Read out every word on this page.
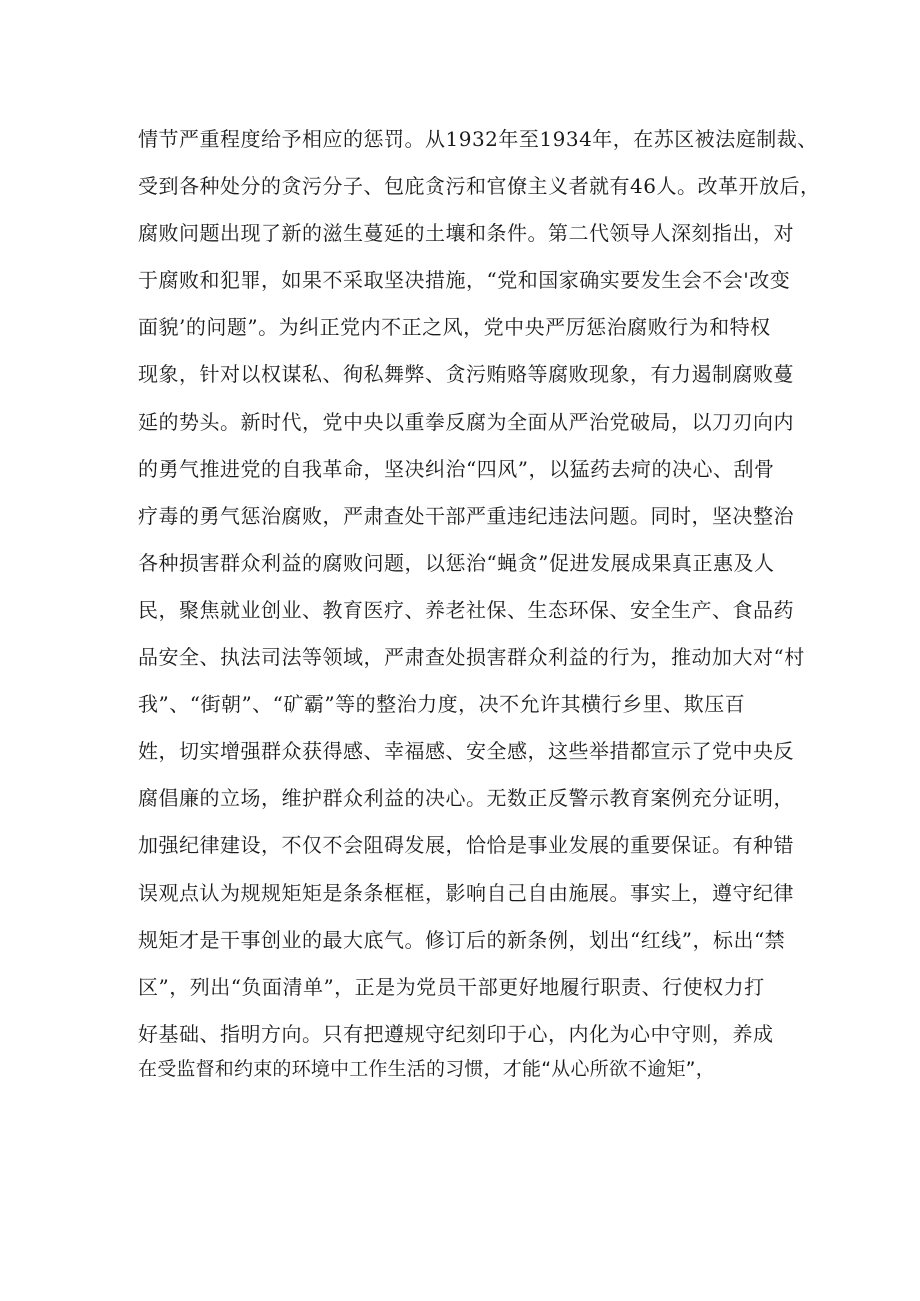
情节严重程度给予相应的惩罚。从1932年至1934年，在苏区被法庭制裁、
受到各种处分的贪污分子、包庇贪污和官僚主义者就有46人。改革开放后，
腐败问题出现了新的滋生蔓延的土壤和条件。第二代领导人深刻指出，对
于腐败和犯罪，如果不采取坚决措施，“党和国家确实要发生会不会'改变
面貌’的问题”。为纠正党内不正之风，党中央严厉惩治腐败行为和特权
现象，针对以权谋私、徇私舞弊、贪污贿赂等腐败现象，有力遏制腐败蔓
延的势头。新时代，党中央以重拳反腐为全面从严治党破局，以刀刃向内
的勇气推进党的自我革命，坚决纠治“四风”，以猛药去疴的决心、刮骨
疗毒的勇气惩治腐败，严肃查处干部严重违纪违法问题。同时，坚决整治
各种损害群众利益的腐败问题，以惩治“蝇贪”促进发展成果真正惠及人
民，聚焦就业创业、教育医疗、养老社保、生态环保、安全生产、食品药
品安全、执法司法等领域，严肃查处损害群众利益的行为，推动加大对“村
我”、“街朝”、“矿霸”等的整治力度，决不允许其横行乡里、欺压百
姓，切实增强群众获得感、幸福感、安全感，这些举措都宣示了党中央反
腐倡廉的立场，维护群众利益的决心。无数正反警示教育案例充分证明，
加强纪律建设，不仅不会阻碍发展，恰恰是事业发展的重要保证。有种错
误观点认为规规矩矩是条条框框，影响自己自由施展。事实上，遵守纪律
规矩才是干事创业的最大底气。修订后的新条例，划出“红线”，标出“禁
区”，列出“负面清单”，正是为党员干部更好地履行职责、行使权力打
好基础、指明方向。只有把遵规守纪刻印于心，内化为心中守则，养成
在受监督和约束的环境中工作生活的习惯，才能“从心所欲不逾矩”，
